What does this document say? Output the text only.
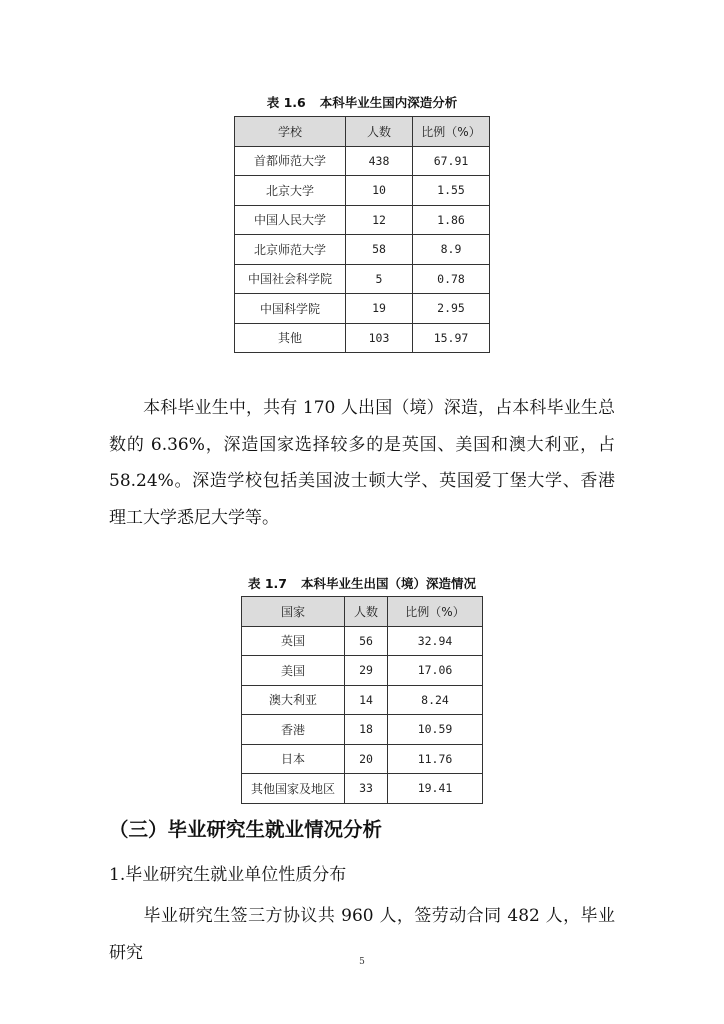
表 1.6 本科毕业生国内深造分析
学校	人数	比例（%）
首都师范大学	438	67.91
北京大学	10	1.55
中国人民大学	12	1.86
北京师范大学	58	8.9
中国社会科学院	5	0.78
中国科学院	19	2.95
其他	103	15.97
本科毕业生中，共有 170 人出国（境）深造，占本科毕业生总数的 6.36%，深造国家选择较多的是英国、美国和澳大利亚，占 58.24%。深造学校包括美国波士顿大学、英国爱丁堡大学、香港理工大学悉尼大学等。
表 1.7 本科毕业生出国（境）深造情况
国家	人数	比例（%）
英国	56	32.94
美国	29	17.06
澳大利亚	14	8.24
香港	18	10.59
日本	20	11.76
其他国家及地区	33	19.41
（三）毕业研究生就业情况分析
1.毕业研究生就业单位性质分布
毕业研究生签三方协议共 960 人，签劳动合同 482 人，毕业研究	5
